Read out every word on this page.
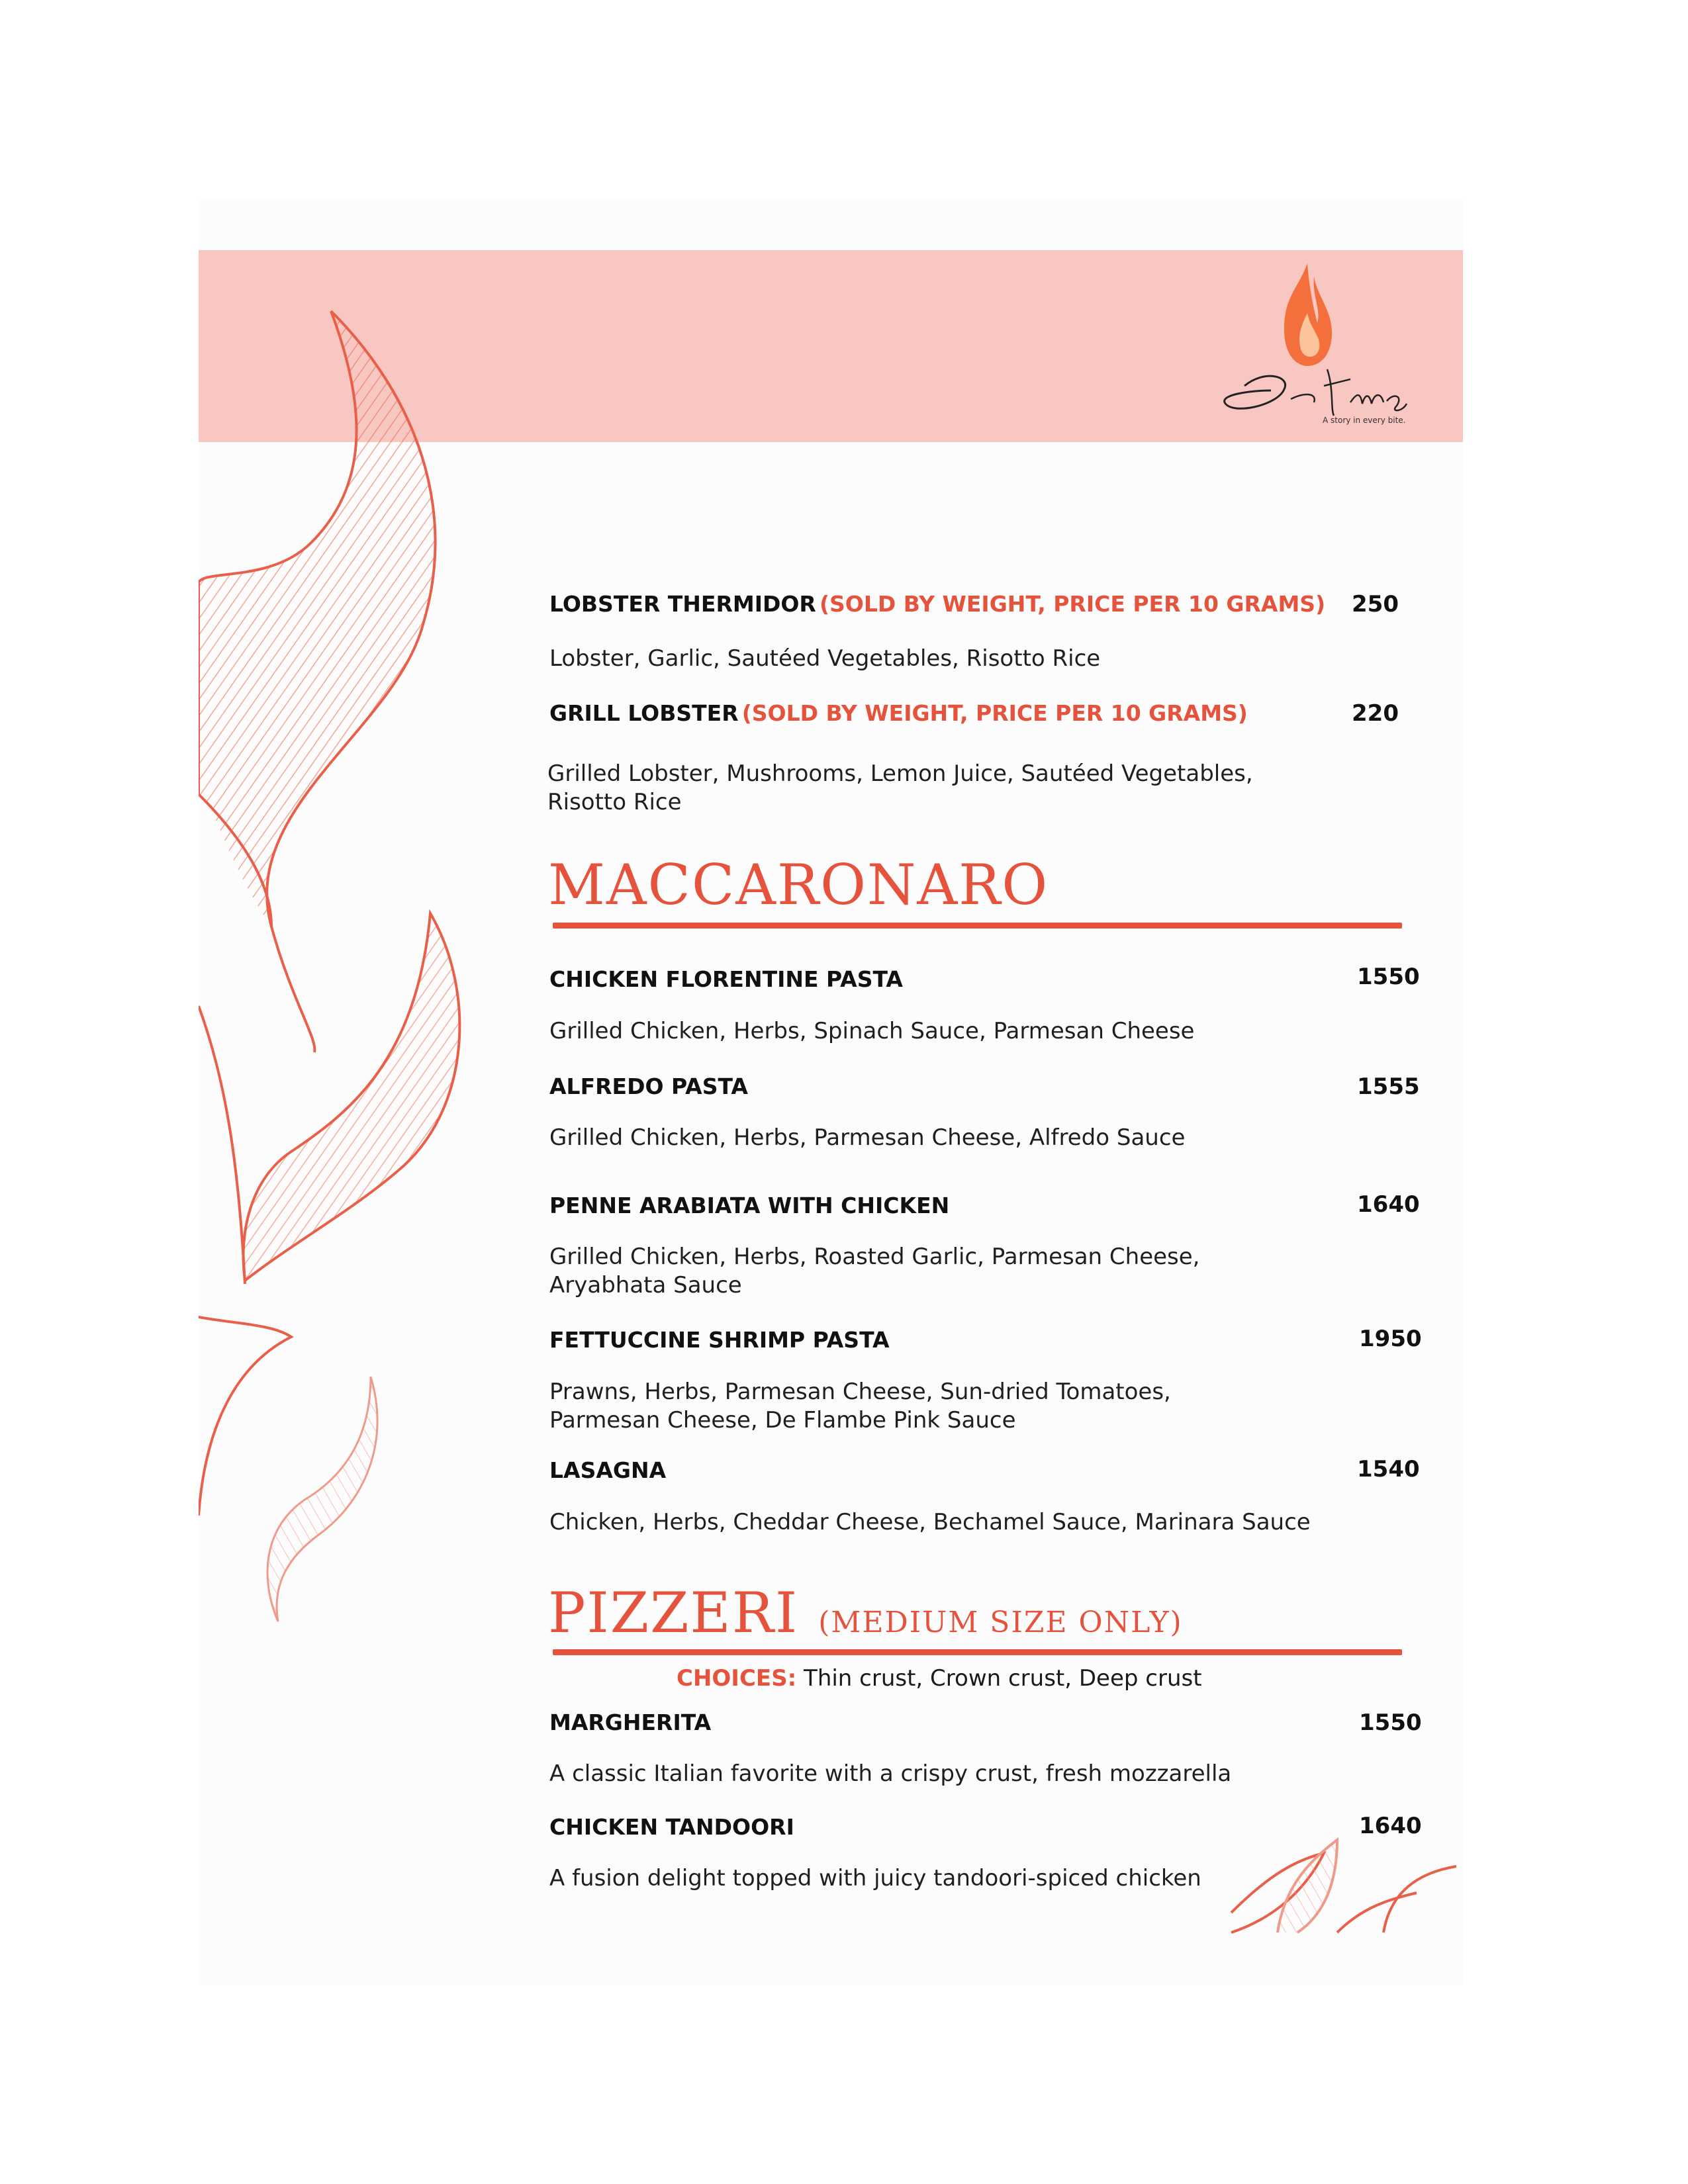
A story in every bite.
LOBSTER THERMIDOR (SOLD BY WEIGHT, PRICE PER 10 GRAMS) 250
Lobster, Garlic, Sautéed Vegetables, Risotto Rice
GRILL LOBSTER (SOLD BY WEIGHT, PRICE PER 10 GRAMS)	220
Grilled Lobster, Mushrooms, Lemon Juice, Sautéed Vegetables, Risotto Rice
MACCARONARO
CHICKEN FLORENTINE PASTA	1550
Grilled Chicken, Herbs, Spinach Sauce, Parmesan Cheese
ALFREDO PASTA	1555
Grilled Chicken, Herbs, Parmesan Cheese, Alfredo Sauce
PENNE ARABIATA WITH CHICKEN	1640
Grilled Chicken, Herbs, Roasted Garlic, Parmesan Cheese, Aryabhata Sauce
FETTUCCINE SHRIMP PASTA	1950
Prawns, Herbs, Parmesan Cheese, Sun-dried Tomatoes, Parmesan Cheese, De Flambe Pink Sauce
LASAGNA	1540
Chicken, Herbs, Cheddar Cheese, Bechamel Sauce, Marinara Sauce
PIZZERI (MEDIUM SIZE ONLY)
CHOICES: Thin crust, Crown crust, Deep crust
MARGHERITA	1550
A classic Italian favorite with a crispy crust, fresh mozzarella
CHICKEN TANDOORI	1640
A fusion delight topped with juicy tandoori-spiced chicken
